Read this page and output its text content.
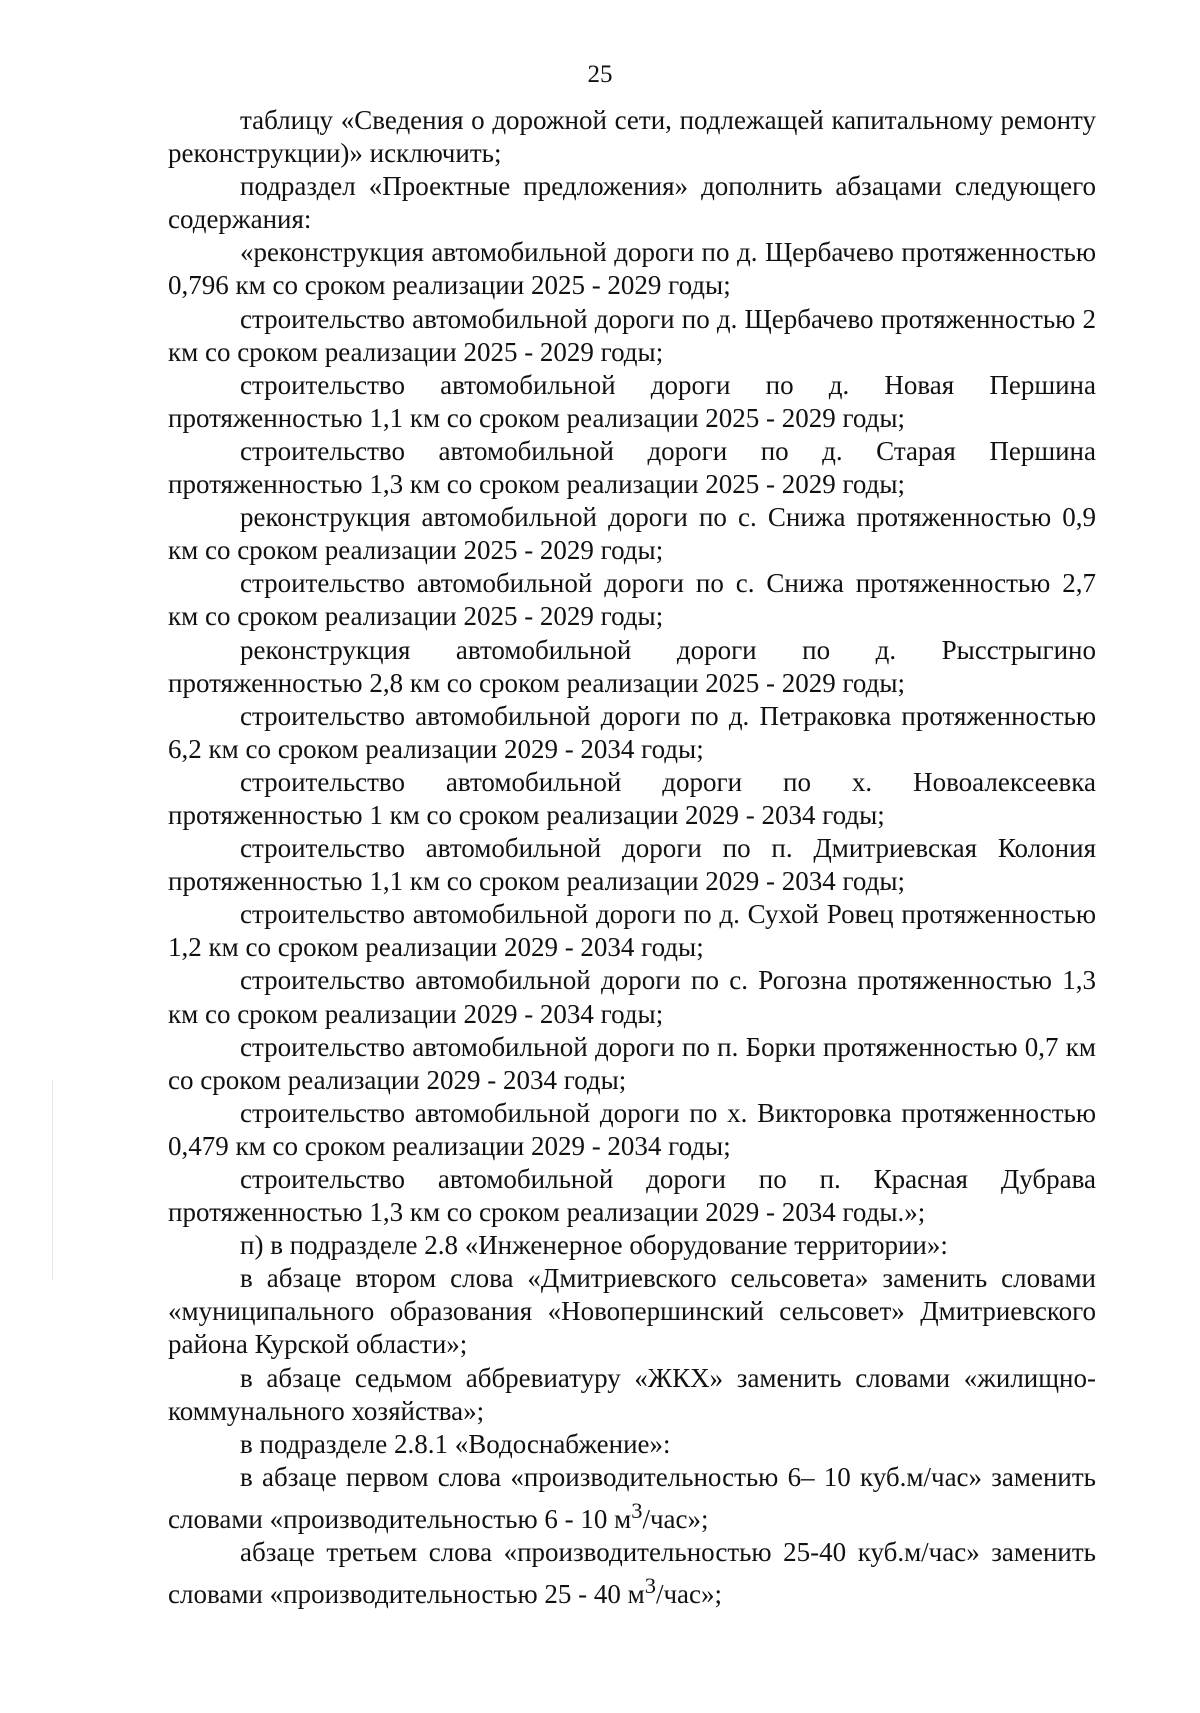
25

таблицу «Сведения о дорожной сети, подлежащей капитальному ремонту реконструкции)» исключить;

подраздел «Проектные предложения» дополнить абзацами следующего содержания:

«реконструкция автомобильной дороги по д. Щербачево протяженностью 0,796 км со сроком реализации 2025 - 2029 годы;

строительство автомобильной дороги по д. Щербачево протяженностью 2 км со сроком реализации 2025 - 2029 годы;

строительство автомобильной дороги по д. Новая Першина протяженностью 1,1 км со сроком реализации 2025 - 2029 годы;

строительство автомобильной дороги по д. Старая Першина протяженностью 1,3 км со сроком реализации 2025 - 2029 годы;

реконструкция автомобильной дороги по с. Снижа протяженностью 0,9 км со сроком реализации 2025 - 2029 годы;

строительство автомобильной дороги по с. Снижа протяженностью 2,7 км со сроком реализации 2025 - 2029 годы;

реконструкция автомобильной дороги по д. Рысстрыгино протяженностью 2,8 км со сроком реализации 2025 - 2029 годы;

строительство автомобильной дороги по д. Петраковка протяженностью 6,2 км со сроком реализации 2029 - 2034 годы;

строительство автомобильной дороги по х. Новоалексеевка протяженностью 1 км со сроком реализации 2029 - 2034 годы;

строительство автомобильной дороги по п. Дмитриевская Колония протяженностью 1,1 км со сроком реализации 2029 - 2034 годы;

строительство автомобильной дороги по д. Сухой Ровец протяженностью 1,2 км со сроком реализации 2029 - 2034 годы;

строительство автомобильной дороги по с. Рогозна протяженностью 1,3 км со сроком реализации 2029 - 2034 годы;

строительство автомобильной дороги по п. Борки протяженностью 0,7 км со сроком реализации 2029 - 2034 годы;

строительство автомобильной дороги по х. Викторовка протяженностью 0,479 км со сроком реализации 2029 - 2034 годы;

строительство автомобильной дороги по п. Красная Дубрава протяженностью 1,3 км со сроком реализации 2029 - 2034 годы.»;

п) в подразделе 2.8 «Инженерное оборудование территории»:

в абзаце втором слова «Дмитриевского сельсовета» заменить словами «муниципального образования «Новопершинский сельсовет» Дмитриевского района Курской области»;

в абзаце седьмом аббревиатуру «ЖКХ» заменить словами «жилищно-коммунального хозяйства»;

в подразделе 2.8.1 «Водоснабжение»:

в абзаце первом слова «производительностью 6– 10 куб.м/час» заменить словами «производительностью 6 - 10 $м^3$/час»;

абзаце третьем слова «производительностью 25-40 куб.м/час» заменить словами «производительностью 25 - 40 $м^3$/час»;
